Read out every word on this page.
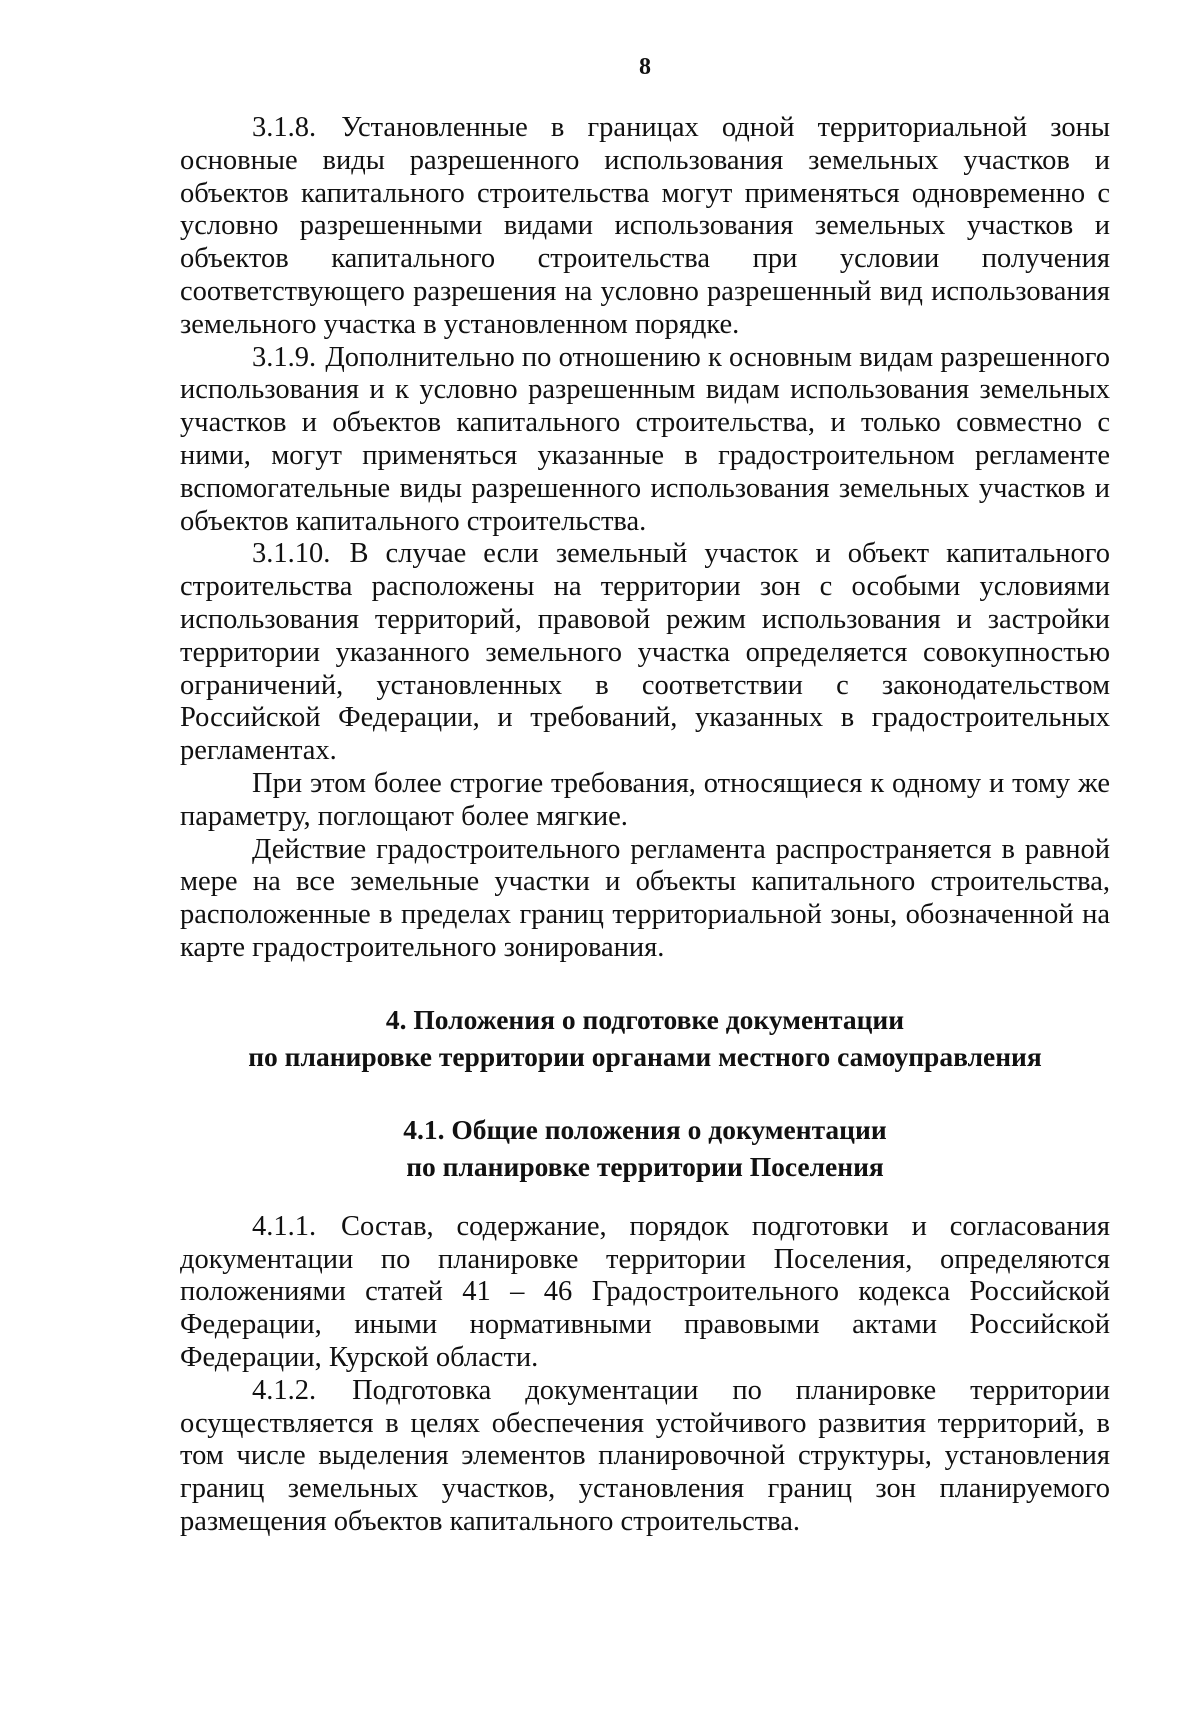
8

3.1.8. Установленные в границах одной территориальной зоны основные виды разрешенного использования земельных участков и объектов капитального строительства могут применяться одновременно с условно разрешенными видами использования земельных участков и объектов капитального строительства при условии получения соответствующего разрешения на условно разрешенный вид использования земельного участка в установленном порядке.

3.1.9. Дополнительно по отношению к основным видам разрешенного использования и к условно разрешенным видам использования земельных участков и объектов капитального строительства, и только совместно с ними, могут применяться указанные в градостроительном регламенте вспомогательные виды разрешенного использования земельных участков и объектов капитального строительства.

3.1.10. В случае если земельный участок и объект капитального строительства расположены на территории зон с особыми условиями использования территорий, правовой режим использования и застройки территории указанного земельного участка определяется совокупностью ограничений, установленных в соответствии с законодательством Российской Федерации, и требований, указанных в градостроительных регламентах.

При этом более строгие требования, относящиеся к одному и тому же параметру, поглощают более мягкие.

Действие градостроительного регламента распространяется в равной мере на все земельные участки и объекты капитального строительства, расположенные в пределах границ территориальной зоны, обозначенной на карте градостроительного зонирования.

4. Положения о подготовке документации
по планировке территории органами местного самоуправления
4.1. Общие положения о документации
по планировке территории Поселения

4.1.1. Состав, содержание, порядок подготовки и согласования документации по планировке территории Поселения, определяются положениями статей 41 – 46 Градостроительного кодекса Российской Федерации, иными нормативными правовыми актами Российской Федерации, Курской области.

4.1.2. Подготовка документации по планировке территории осуществляется в целях обеспечения устойчивого развития территорий, в том числе выделения элементов планировочной структуры, установления границ земельных участков, установления границ зон планируемого размещения объектов капитального строительства.
